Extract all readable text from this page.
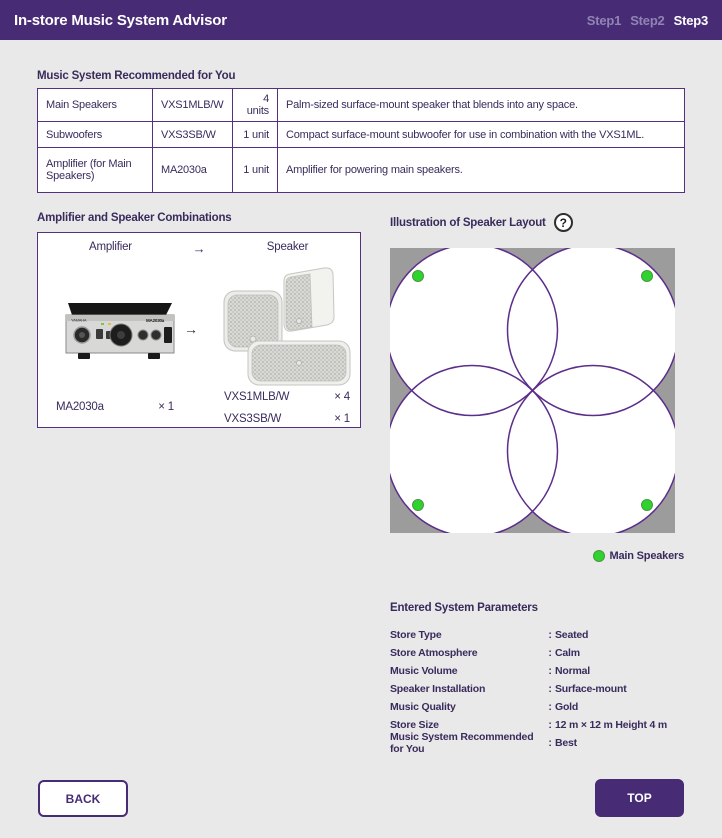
In-store Music System Advisor	Step1 Step2 Step3
Music System Recommended for You
Main Speakers	VXS1MLB/W	4 units	Palm-sized surface-mount speaker that blends into any space.
Subwoofers	VXS3SB/W	1 unit	Compact surface-mount subwoofer for use in combination with the VXS1ML.
Amplifier (for Main Speakers)	MA2030a	1 unit	Amplifier for powering main speakers.
Amplifier and Speaker Combinations
Amplifier	→	Speaker
YAMAHA	MA2030a
→
MA2030a	× 1
VXS1MLB/W	× 4
VXS3SB/W	× 1
Illustration of Speaker Layout	?
Main Speakers
Entered System Parameters
Store Type	: Seated
Store Atmosphere	: Calm
Music Volume	: Normal
Speaker Installation	: Surface-mount
Music Quality	: Gold
Store Size	: 12 m × 12 m Height 4 m
Music System Recommended for You	: Best
BACK	TOP
